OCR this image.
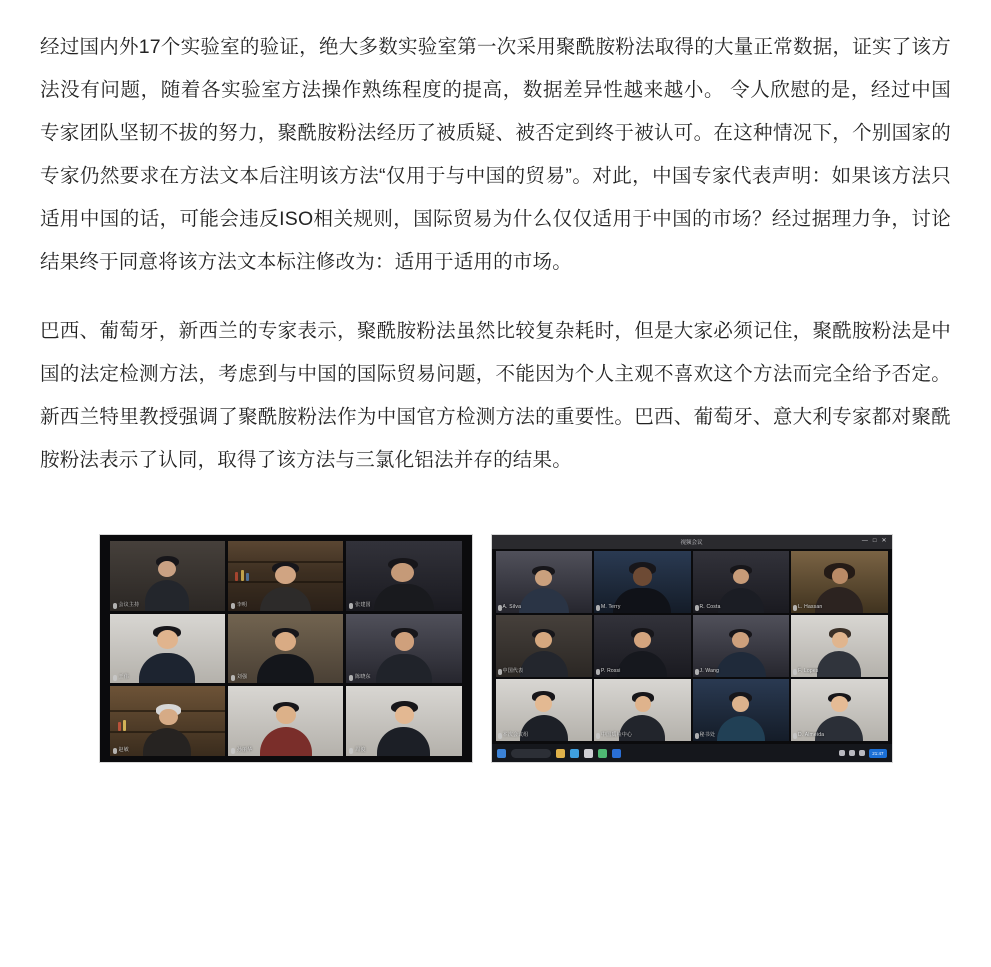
经过国内外17个实验室的验证，绝大多数实验室第一次采用聚酰胺粉法取得的大量正常数据，证实了该方法没有问题，随着各实验室方法操作熟练程度的提高，数据差异性越来越小。 令人欣慰的是，经过中国专家团队坚韧不拔的努力，聚酰胺粉法经历了被质疑、被否定到终于被认可。在这种情况下，个别国家的专家仍然要求在方法文本后注明该方法“仅用于与中国的贸易”。对此，中国专家代表声明：如果该方法只适用中国的话，可能会违反ISO相关规则，国际贸易为什么仅仅适用于中国的市场？经过据理力争，讨论结果终于同意将该方法文本标注修改为：适用于适用的市场。

巴西、葡萄牙，新西兰的专家表示，聚酰胺粉法虽然比较复杂耗时，但是大家必须记住，聚酰胺粉法是中国的法定检测方法，考虑到与中国的国际贸易问题，不能因为个人主观不喜欢这个方法而完全给予否定。新西兰特里教授强调了聚酰胺粉法作为中国官方检测方法的重要性。巴西、葡萄牙、意大利专家都对聚酰胺粉法表示了认同，取得了该方法与三氯化铝法并存的结果。

会议主持	李明	张建国
王伟	刘强	陈晓东
赵敏	孙丽华	周俊
视频会议	— □ ✕
A. Silva	M. Terry	R. Costa	L. Hassan
中国代表	P. Rossi	J. Wang	F. Lopes
本次会议组	中国质检中心	秘书处	D. Almeida
21:47
